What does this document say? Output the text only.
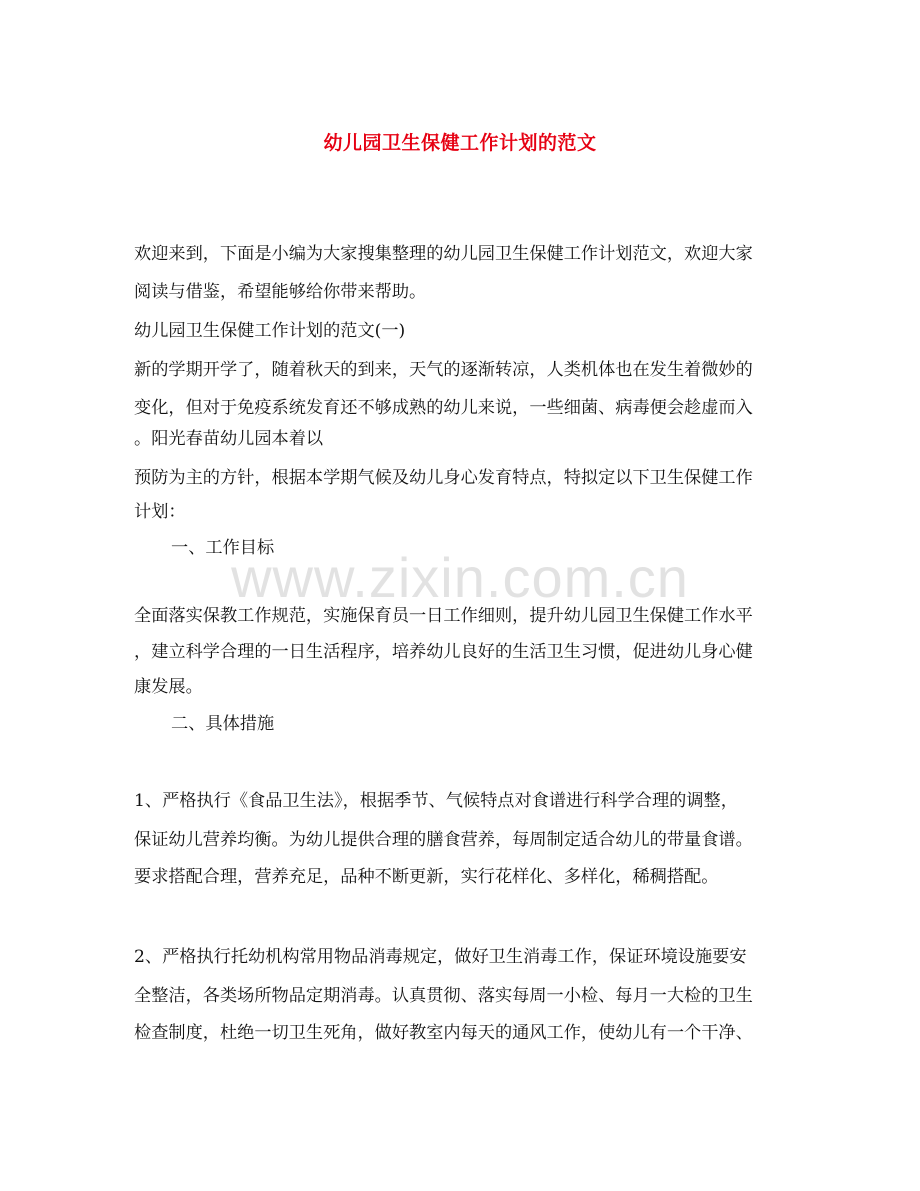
幼儿园卫生保健工作计划的范文
欢迎来到，下面是小编为大家搜集整理的幼儿园卫生保健工作计划范文，欢迎大家
阅读与借鉴，希望能够给你带来帮助。
幼儿园卫生保健工作计划的范文(一)
新的学期开学了，随着秋天的到来，天气的逐渐转凉，人类机体也在发生着微妙的
变化，但对于免疫系统发育还不够成熟的幼儿来说，一些细菌、病毒便会趁虚而入
。阳光春苗幼儿园本着以
预防为主的方针，根据本学期气候及幼儿身心发育特点，特拟定以下卫生保健工作
计划：
一、工作目标
www.zixin.com.cn
全面落实保教工作规范，实施保育员一日工作细则，提升幼儿园卫生保健工作水平
，建立科学合理的一日生活程序，培养幼儿良好的生活卫生习惯，促进幼儿身心健
康发展。
二、具体措施
1、严格执行《食品卫生法》，根据季节、气候特点对食谱进行科学合理的调整，
保证幼儿营养均衡。为幼儿提供合理的膳食营养，每周制定适合幼儿的带量食谱。
要求搭配合理，营养充足，品种不断更新，实行花样化、多样化，稀稠搭配。
2、严格执行托幼机构常用物品消毒规定，做好卫生消毒工作，保证环境设施要安
全整洁，各类场所物品定期消毒。认真贯彻、落实每周一小检、每月一大检的卫生
检查制度，杜绝一切卫生死角，做好教室内每天的通风工作，使幼儿有一个干净、
